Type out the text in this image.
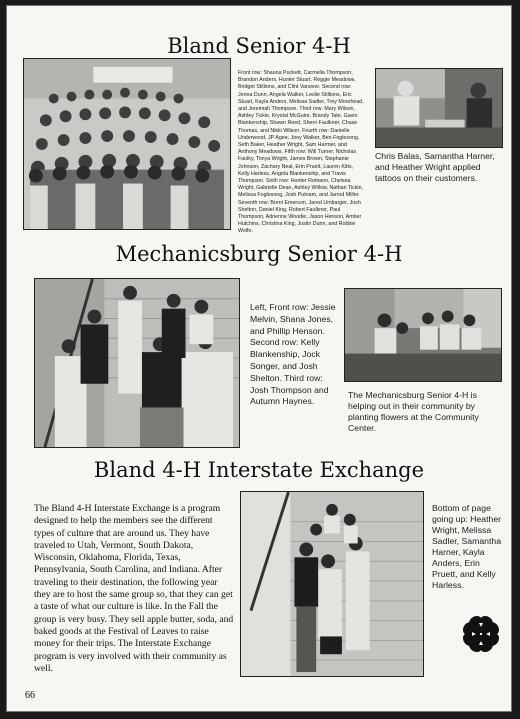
Bland Senior 4-H

Front row: Shauna Puckett, Carmella Thompson, Brandon Anders, Hunter Stuart, Reggie Meadows, Bridget Stillions, and Clint Vanover. Second row: Jenna Dunn, Angela Walker, Leslie Stillions, Eric Stuart, Kayla Anders, Melissa Sadler, Trey Morehead, and Jeremiah Thompson. Third row: Mary Wilson, Ashley Tickle, Krystal McGuire, Brandy Tate, Gavin Blankenship, Shawn Reed, Sherri Faulkner, Chase Thomas, and Nikki Wilson. Fourth row: Danielle Underwood, JP Agee, Joey Walker, Ben Foglesong, Seth Baker, Heather Wright, Sam Harmer, and Anthony Meadows. Fifth row: Will Turner, Nicholas Faulky, Tonya Wright, James Brown, Stephanie Johnson, Zachary Neal, Erin Pruett, Lauren Kitts, Kelly Harless, Angela Blankenship, and Travis Thompson. Sixth row: Hunter Romano, Chelsea Wright, Gabrielle Dean, Ashley Willow, Nathan Tickle, Melissa Foglesong, Josh Putnam, and Jarrod Miller. Seventh row: Brent Emerson, Jared Umbarger, Josh Shelton, Daniel King, Robert Faulkner, Paul Thompson, Adrienne Woodie, Jason Henson, Amber Hutchins, Christina King, Justin Dunn, and Robbie Wolfe.

Chris Balas, Samantha Harner, and Heather Wright applied tattoos on their customers.

Mechanicsburg Senior 4-H

Left, Front row: Jessie Melvin, Shana Jones, and Phillip Henson. Second row: Kelly Blankenship, Jock Songer, and Josh Shelton. Third row: Josh Thompson and Autumn Haynes.

The Mechanicsburg Senior 4-H is helping out in their community by planting flowers at the Community Center.

Bland 4-H Interstate Exchange

The Bland 4-H Interstate Exchange is a program designed to help the members see the different types of culture that are around us. They have traveled to Utah, Vermont, South Dakota, Wisconsin, Oklahoma, Florida, Texas, Pennsylvania, South Carolina, and Indiana. After traveling to their destination, the following year they are to host the same group so, that they can get a taste of what our culture is like. In the Fall the group is very busy. They sell apple butter, soda, and baked goods at the Festival of Leaves to raise money for their trips. The Interstate Exchange program is very involved with their community as well.

Bottom of page going up: Heather Wright, Melissa Sadler, Samantha Harner, Kayla Anders, Erin Pruett, and Kelly Harless.

66
